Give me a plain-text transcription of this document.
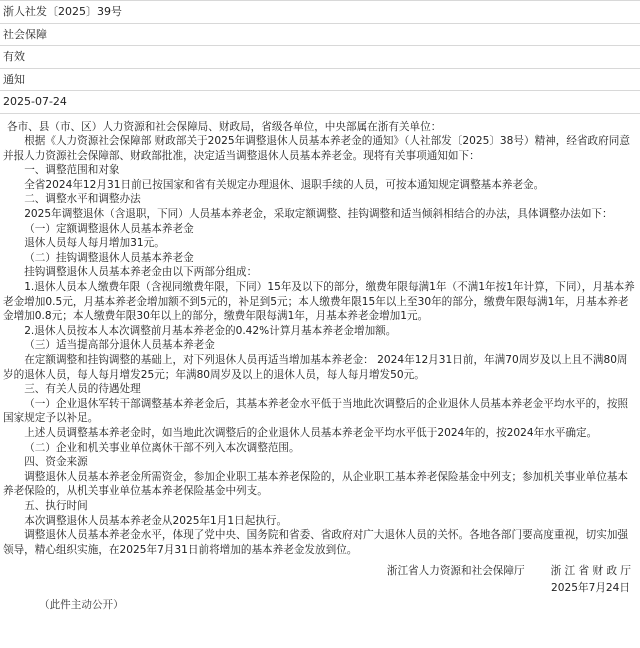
浙人社发〔2025〕39号
社会保障
有效
通知
2025-07-24

各市、县（市、区）人力资源和社会保障局、财政局，省级各单位，中央部属在浙有关单位：

根据《人力资源社会保障部 财政部关于2025年调整退休人员基本养老金的通知》（人社部发〔2025〕38号）精神，经省政府同意并报人力资源社会保障部、财政部批准，决定适当调整退休人员基本养老金。现将有关事项通知如下：

一、调整范围和对象

全省2024年12月31日前已按国家和省有关规定办理退休、退职手续的人员，可按本通知规定调整基本养老金。

二、调整水平和调整办法

2025年调整退休（含退职，下同）人员基本养老金，采取定额调整、挂钩调整和适当倾斜相结合的办法，具体调整办法如下：

（一）定额调整退休人员基本养老金

退休人员每人每月增加31元。

（二）挂钩调整退休人员基本养老金

挂钩调整退休人员基本养老金由以下两部分组成：

1.退休人员本人缴费年限（含视同缴费年限，下同）15年及以下的部分，缴费年限每满1年（不满1年按1年计算，下同），月基本养老金增加0.5元，月基本养老金增加额不到5元的，补足到5元；本人缴费年限15年以上至30年的部分，缴费年限每满1年，月基本养老金增加0.8元；本人缴费年限30年以上的部分，缴费年限每满1年，月基本养老金增加1元。

2.退休人员按本人本次调整前月基本养老金的0.42%计算月基本养老金增加额。

（三）适当提高部分退休人员基本养老金

在定额调整和挂钩调整的基础上，对下列退休人员再适当增加基本养老金： 2024年12月31日前，年满70周岁及以上且不满80周岁的退休人员，每人每月增发25元；年满80周岁及以上的退休人员，每人每月增发50元。

三、有关人员的待遇处理

（一）企业退休军转干部调整基本养老金后，其基本养老金水平低于当地此次调整后的企业退休人员基本养老金平均水平的，按照国家规定予以补足。

上述人员调整基本养老金时，如当地此次调整后的企业退休人员基本养老金平均水平低于2024年的，按2024年水平确定。

（二）企业和机关事业单位离休干部不列入本次调整范围。

四、资金来源

调整退休人员基本养老金所需资金，参加企业职工基本养老保险的，从企业职工基本养老保险基金中列支；参加机关事业单位基本养老保险的，从机关事业单位基本养老保险基金中列支。

五、执行时间

本次调整退休人员基本养老金从2025年1月1日起执行。

调整退休人员基本养老金水平，体现了党中央、国务院和省委、省政府对广大退休人员的关怀。各地各部门要高度重视，切实加强领导，精心组织实施，在2025年7月31日前将增加的基本养老金发放到位。

浙江省人力资源和社会保障厅 浙 江 省 财 政 厅
2025年7月24日
（此件主动公开）
